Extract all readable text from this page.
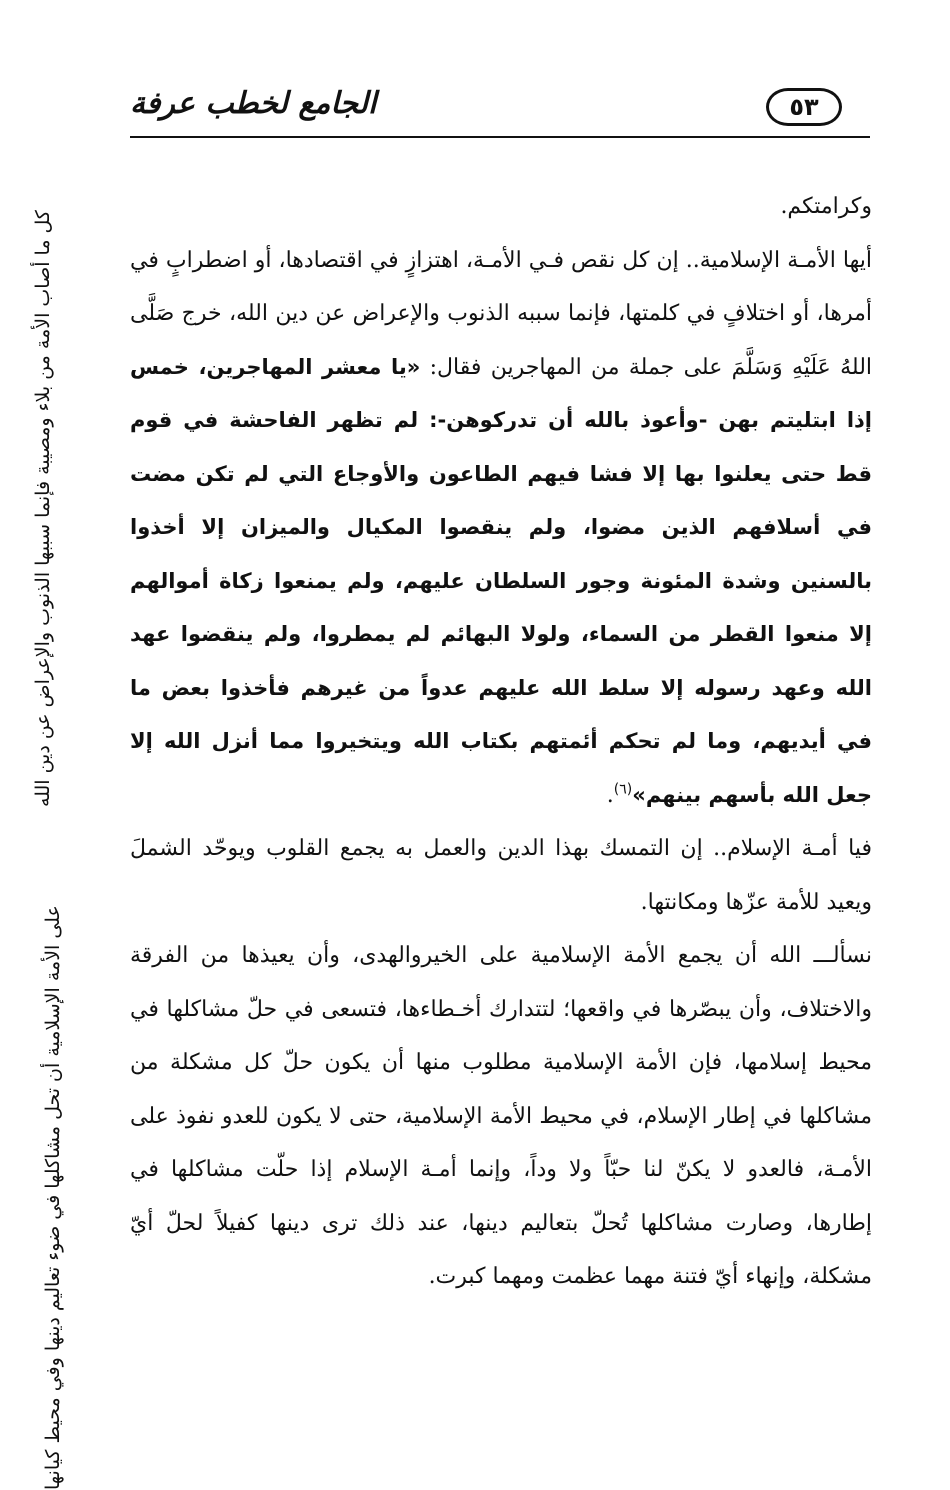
الجامع لخطب عرفة	٥٣

وكرامتكم.

أيها الأمـة الإسلامية.. إن كل نقص فـي الأمـة، اهتزازٍ في اقتصادها، أو اضطرابٍ في أمرها، أو اختلافٍ في كلمتها، فإنما سببه الذنوب والإعراض عن دين الله، خرج صَلَّى اللهُ عَلَيْهِ وَسَلَّمَ على جملة من المهاجرين فقال: «يا معشر المهاجرين، خمس إذا ابتليتم بهن -وأعوذ بالله أن تدركوهن-: لم تظهر الفاحشة في قوم قط حتى يعلنوا بها إلا فشا فيهم الطاعون والأوجاع التي لم تكن مضت في أسلافهم الذين مضوا، ولم ينقصوا المكيال والميزان إلا أخذوا بالسنين وشدة المئونة وجور السلطان عليهم، ولم يمنعوا زكاة أموالهم إلا منعوا القطر من السماء، ولولا البهائم لم يمطروا، ولم ينقضوا عهد الله وعهد رسوله إلا سلط الله عليهم عدواً من غيرهم فأخذوا بعض ما في أيديهم، وما لم تحكم أئمتهم بكتاب الله ويتخيروا مما أنزل الله إلا جعل الله بأسهم بينهم»$^{(٦)}$.

فيا أمـة الإسلام.. إن التمسك بهذا الدين والعمل به يجمع القلوب ويوحّد الشملَ ويعيد للأمة عزّها ومكانتها.

نسألـــ الله أن يجمع الأمة الإسلامية على الخيروالهدى، وأن يعيذها من الفرقة والاختلاف، وأن يبصّرها في واقعها؛ لتتدارك أخـطاءها، فتسعى في حلّ مشاكلها في محيط إسلامها، فإن الأمة الإسلامية مطلوب منها أن يكون حلّ كل مشكلة من مشاكلها في إطار الإسلام، في محيط الأمة الإسلامية، حتى لا يكون للعدو نفوذ على الأمـة، فالعدو لا يكنّ لنا حبّاً ولا وداً، وإنما أمـة الإسلام إذا حلّت مشاكلها في إطارها، وصارت مشاكلها تُحلّ بتعاليم دينها، عند ذلك ترى دينها كفيلاً لحلّ أيّ مشكلة، وإنهاء أيّ فتنة مهما عظمت ومهما كبرت.

كل ما أصاب الأمة من بلاء ومصيبة فإنما سببها الذنوب والإعراض عن دين الله
على الأمة الإسلامية أن تحل مشاكلها في ضوء تعاليم دينها وفي محيط كيانها
